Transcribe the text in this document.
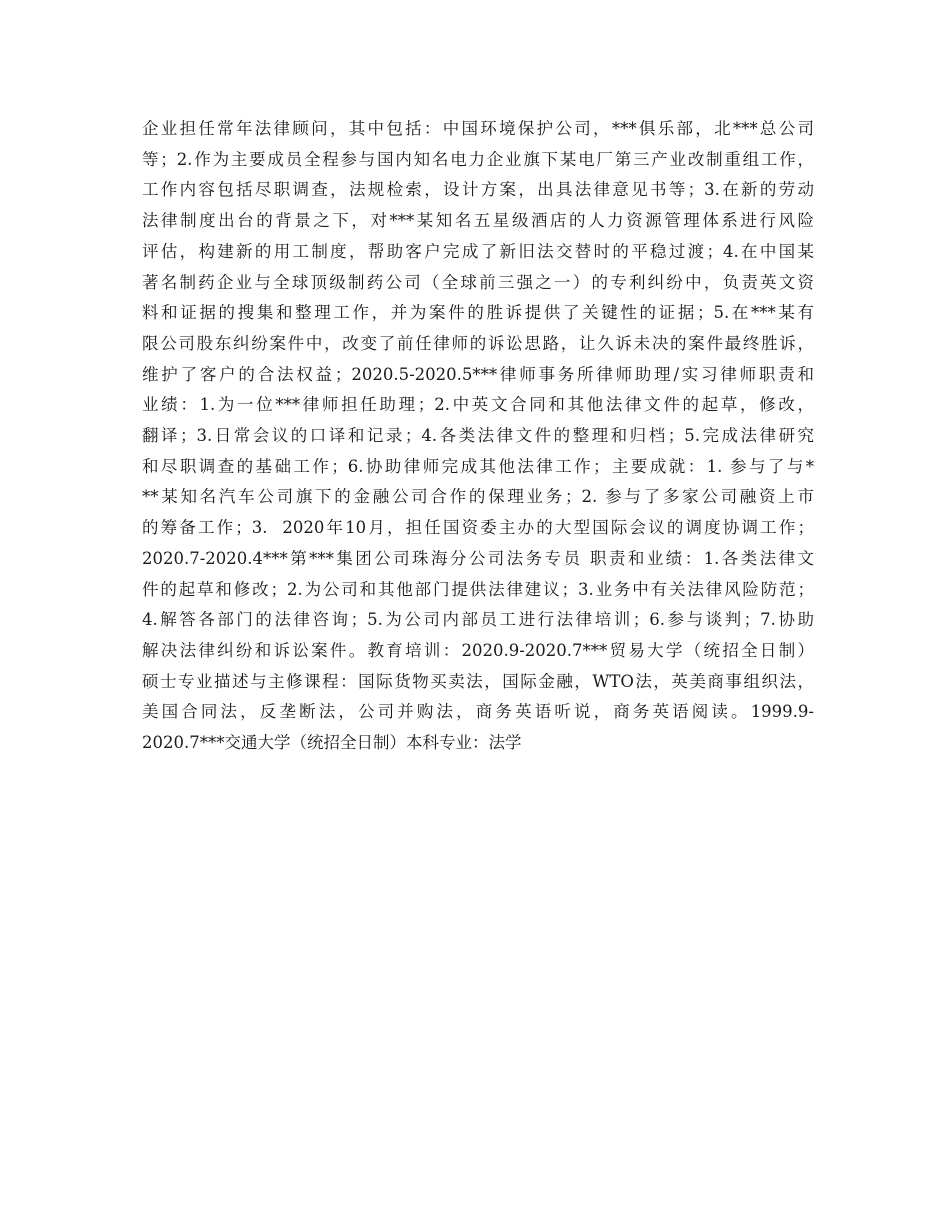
企业担任常年法律顾问，其中包括：中国环境保护公司，***俱乐部，北***总公司
等；2.作为主要成员全程参与国内知名电力企业旗下某电厂第三产业改制重组工作，
工作内容包括尽职调查，法规检索，设计方案，出具法律意见书等；3.在新的劳动
法律制度出台的背景之下，对***某知名五星级酒店的人力资源管理体系进行风险
评估，构建新的用工制度，帮助客户完成了新旧法交替时的平稳过渡；4.在中国某
著名制药企业与全球顶级制药公司（全球前三强之一）的专利纠纷中，负责英文资
料和证据的搜集和整理工作，并为案件的胜诉提供了关键性的证据；5.在***某有
限公司股东纠纷案件中，改变了前任律师的诉讼思路，让久诉未决的案件最终胜诉，
维护了客户的合法权益；2020.5-2020.5***律师事务所律师助理/实习律师职责和
业绩：1.为一位***律师担任助理；2.中英文合同和其他法律文件的起草，修改，
翻译；3.日常会议的口译和记录；4.各类法律文件的整理和归档；5.完成法律研究
和尽职调查的基础工作；6.协助律师完成其他法律工作；主要成就：1. 参与了与*
**某知名汽车公司旗下的金融公司合作的保理业务；2. 参与了多家公司融资上市
的筹备工作；3.  2020年10月，担任国资委主办的大型国际会议的调度协调工作；
2020.7-2020.4***第***集团公司珠海分公司法务专员 职责和业绩：1.各类法律文
件的起草和修改；2.为公司和其他部门提供法律建议；3.业务中有关法律风险防范；
4.解答各部门的法律咨询；5.为公司内部员工进行法律培训；6.参与谈判；7.协助
解决法律纠纷和诉讼案件。教育培训：2020.9-2020.7***贸易大学（统招全日制）
硕士专业描述与主修课程：国际货物买卖法，国际金融，WTO法，英美商事组织法，
美国合同法，反垄断法，公司并购法，商务英语听说，商务英语阅读。1999.9-
2020.7***交通大学（统招全日制）本科专业：法学
